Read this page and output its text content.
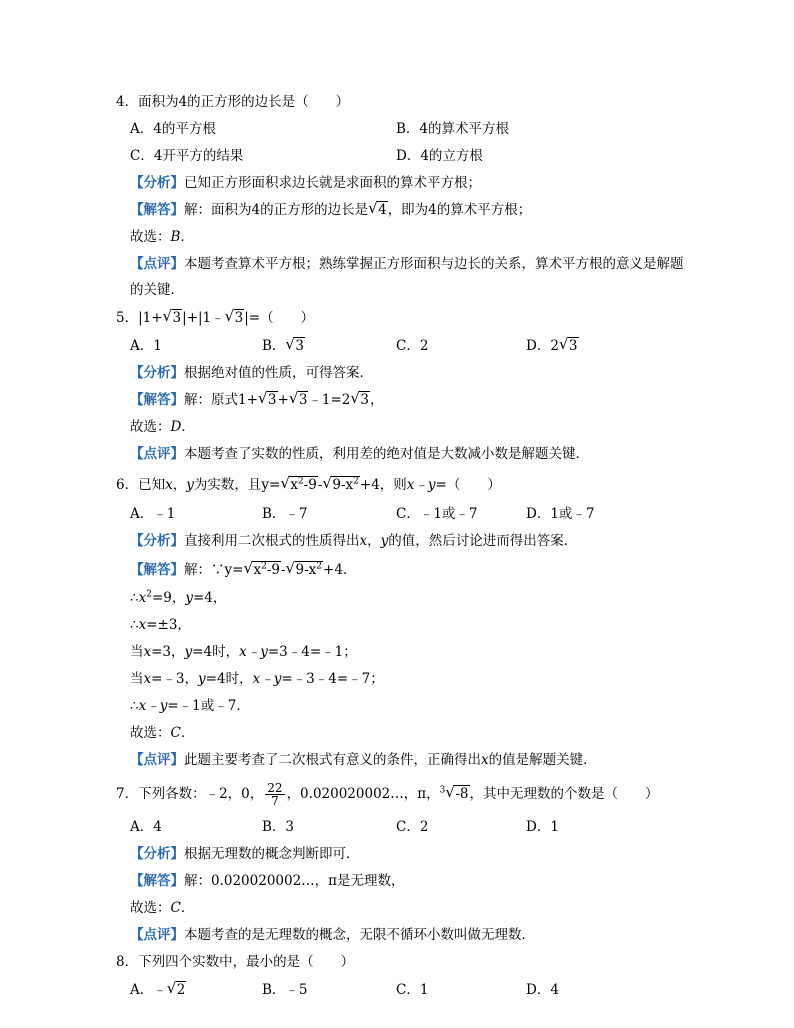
4．面积为4的正方形的边长是（　　）
A．4的平方根	B．4的算术平方根
C．4开平方的结果	D．4的立方根
【分析】已知正方形面积求边长就是求面积的算术平方根；
【解答】解：面积为4的正方形的边长是√ 4，即为4的算术平方根；
故选：B．
【点评】本题考查算术平方根；熟练掌握正方形面积与边长的关系，算术平方根的意义是解题
的关键．
5．|1+√ 3|+|1﹣√ 3|=（　　）
A．1	B．√ 3	C．2	D．2√ 3
【分析】根据绝对值的性质，可得答案．
【解答】解：原式1+√ 3+√ 3﹣1=2√ 3，
故选：D．
【点评】本题考查了实数的性质，利用差的绝对值是大数减小数是解题关键．
6．已知x，y为实数，且y=√ $x^2-9-√$ $9-x^2+4$，则x﹣y=（　　）
A．﹣1	B．﹣7	C．﹣1或﹣7	D．1或﹣7
【分析】直接利用二次根式的性质得出x，y的值，然后讨论进而得出答案．
【解答】解：∵y=√ $x^2-9-√$ $9-x^2+4$．
$\therefore x^2=9$，y=4，
∴x=±3，
当x=3，y=4时，x﹣y=3﹣4=﹣1；
当x=﹣3，y=4时，x﹣y=﹣3﹣4=﹣7；
∴x﹣y=﹣1或﹣7．
故选：C．
【点评】此题主要考查了二次根式有意义的条件，正确得出x的值是解题关键．
7．下列各数：﹣2，0， $\frac{22}{7}$ ，0.020020002…，π，$^3$√ -8，其中无理数的个数是（　　）
A．4	B．3	C．2	D．1
【分析】根据无理数的概念判断即可．
【解答】解：0.020020002…，π是无理数，
故选：C．
【点评】本题考查的是无理数的概念，无限不循环小数叫做无理数．
8．下列四个实数中，最小的是（　　）
A．﹣√ 2	B．﹣5	C．1	D．4
